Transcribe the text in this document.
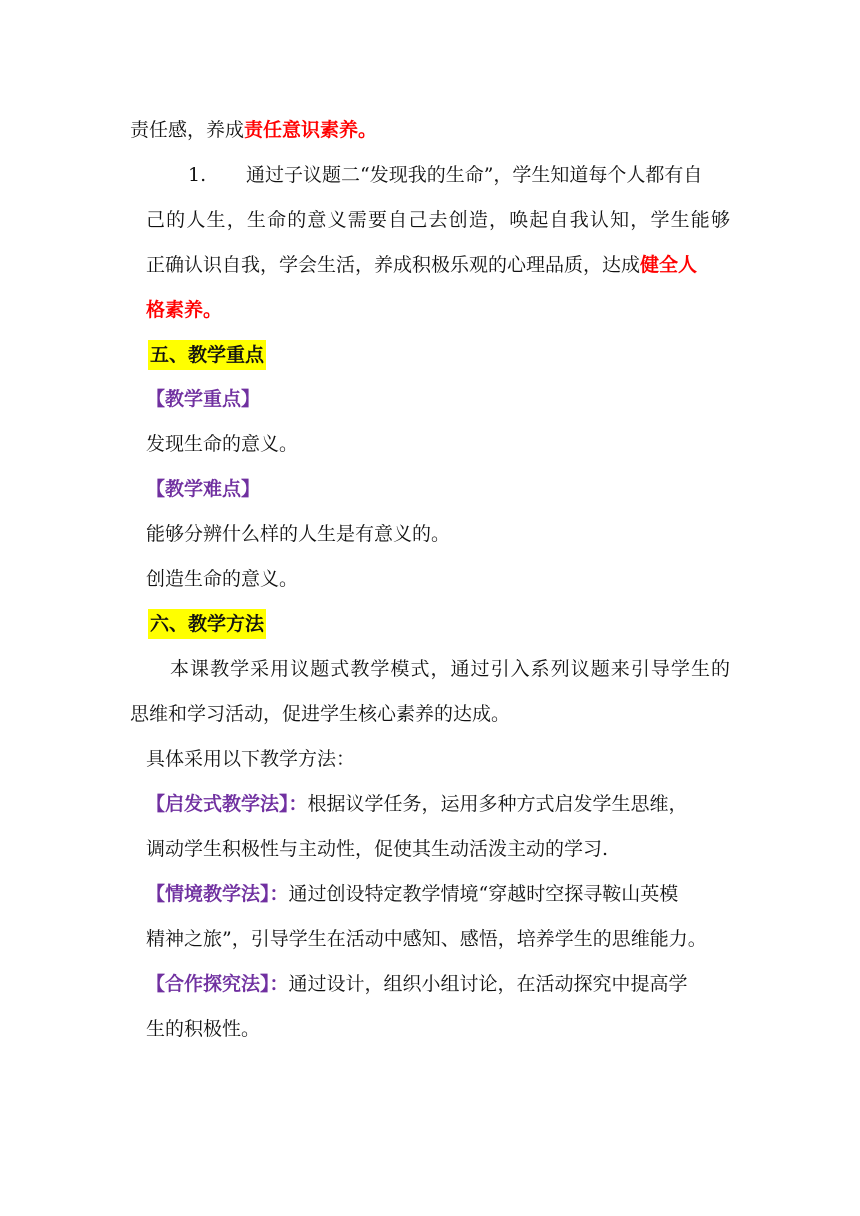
责任感，养成责任意识素养。
1. 通过子议题二“发现我的生命”，学生知道每个人都有自
己的人生，生命的意义需要自己去创造，唤起自我认知，学生能够
正确认识自我，学会生活，养成积极乐观的心理品质，达成健全人
格素养。
五、教学重点
【教学重点】
发现生命的意义。
【教学难点】
能够分辨什么样的人生是有意义的。
创造生命的意义。
六、教学方法
本课教学采用议题式教学模式，通过引入系列议题来引导学生的
思维和学习活动，促进学生核心素养的达成。
具体采用以下教学方法：
【启发式教学法】：根据议学任务，运用多种方式启发学生思维，
调动学生积极性与主动性，促使其生动活泼主动的学习.
【情境教学法】：通过创设特定教学情境“穿越时空探寻鞍山英模
精神之旅”，引导学生在活动中感知、感悟，培养学生的思维能力。
【合作探究法】：通过设计，组织小组讨论，在活动探究中提高学
生的积极性。
